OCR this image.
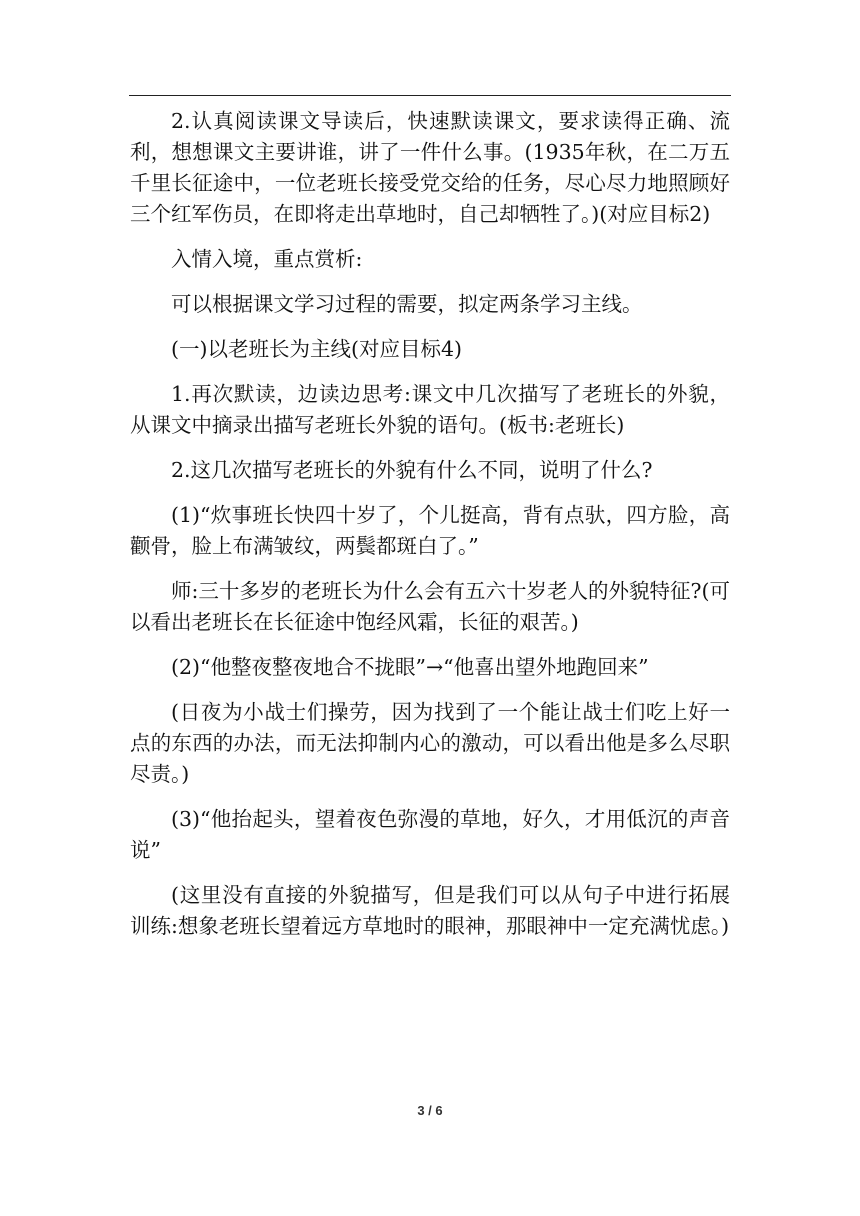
2.认真阅读课文导读后，快速默读课文，要求读得正确、流利，想想课文主要讲谁，讲了一件什么事。(1935年秋，在二万五千里长征途中，一位老班长接受党交给的任务，尽心尽力地照顾好三个红军伤员，在即将走出草地时，自己却牺牲了。)(对应目标2)

入情入境，重点赏析:

可以根据课文学习过程的需要，拟定两条学习主线。

(一)以老班长为主线(对应目标4)

1.再次默读，边读边思考:课文中几次描写了老班长的外貌，从课文中摘录出描写老班长外貌的语句。(板书:老班长)

2.这几次描写老班长的外貌有什么不同，说明了什么?

(1)“炊事班长快四十岁了，个儿挺高，背有点驮，四方脸，高颧骨，脸上布满皱纹，两鬓都斑白了。”

师:三十多岁的老班长为什么会有五六十岁老人的外貌特征?(可以看出老班长在长征途中饱经风霜，长征的艰苦。)

(2)“他整夜整夜地合不拢眼”→“他喜出望外地跑回来”

(日夜为小战士们操劳，因为找到了一个能让战士们吃上好一点的东西的办法，而无法抑制内心的激动，可以看出他是多么尽职尽责。)

(3)“他抬起头，望着夜色弥漫的草地，好久，才用低沉的声音说”

(这里没有直接的外貌描写，但是我们可以从句子中进行拓展训练:想象老班长望着远方草地时的眼神，那眼神中一定充满忧虑。)

3 / 6
